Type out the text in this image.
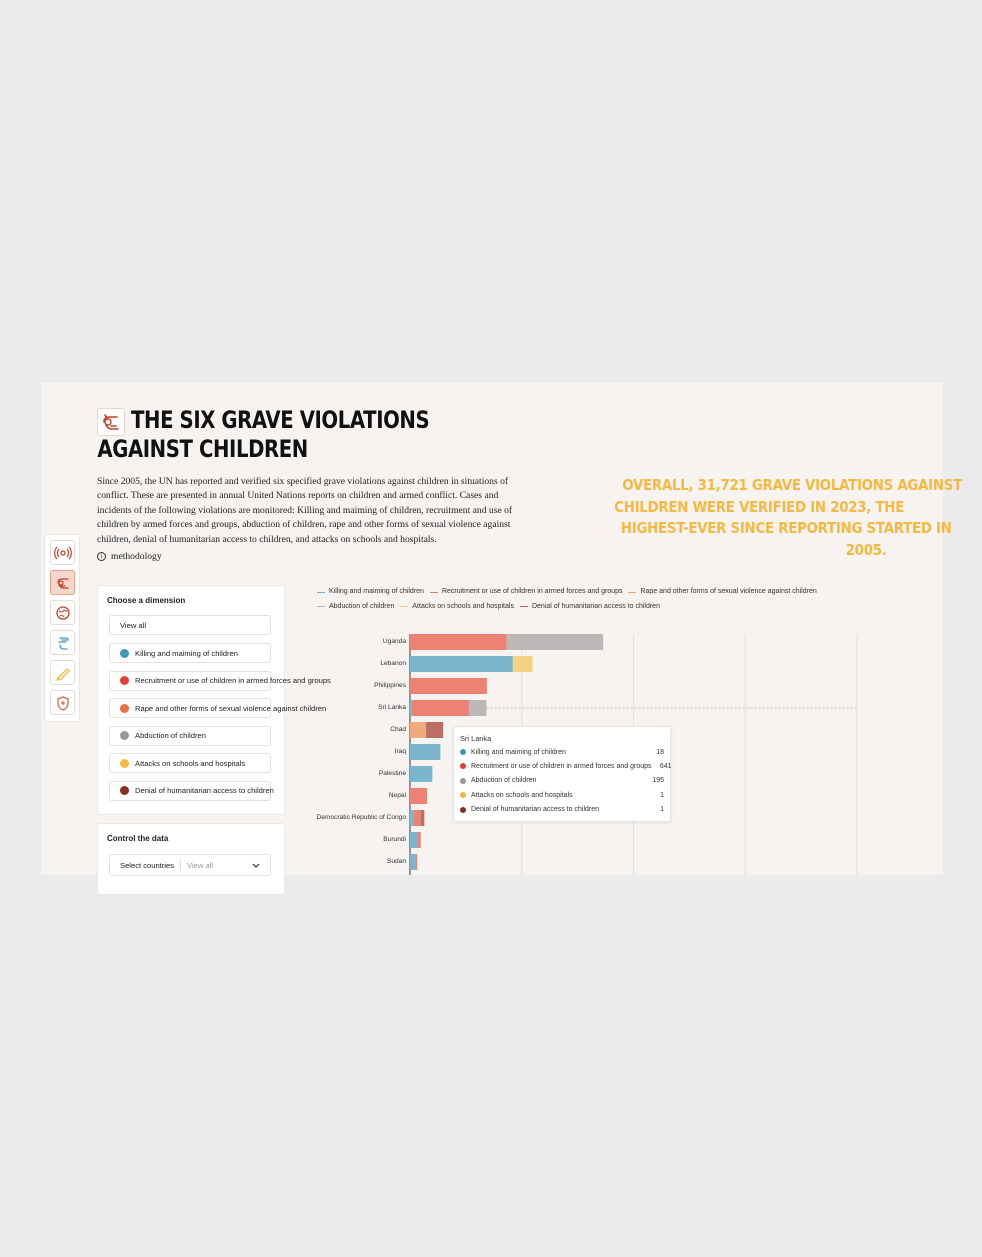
THE SIX GRAVE VIOLATIONS
AGAINST CHILDREN
Since 2005, the UN has reported and verified six specified grave violations against children in situations of conflict. These are presented in annual United Nations reports on children and armed conflict. Cases and incidents of the following violations are monitored: Killing and maiming of children, recruitment and use of children by armed forces and groups, abduction of children, rape and other forms of sexual violence against children, denial of humanitarian access to children, and attacks on schools and hospitals.
i methodology
OVERALL, 31,721 GRAVE VIOLATIONS AGAINST
CHILDREN WERE VERIFIED IN 2023, THE
HIGHEST-EVER SINCE REPORTING STARTED IN
2005.
Choose a dimension
View all
Killing and maiming of children
Recruitment or use of children in armed forces and groups
Rape and other forms of sexual violence against children
Abduction of children
Attacks on schools and hospitals
Denial of humanitarian access to children
Control the data
Select countries View all
Killing and maiming of children	Recruitment or use of children in armed forces and groups	Rape and other forms of sexual violence against children
Abduction of children	Attacks on schools and hospitals	Denial of humanitarian access to children
Uganda
Lebanon
Philippines
Sri Lanka
Chad
Iraq
Palestine
Nepal
Democratic Republic of Congo
Burundi
Sudan
Sri Lanka
Killing and maiming of children	18
Recruitment or use of children in armed forces and groups	641
Abduction of children	195
Attacks on schools and hospitals	1
Denial of humanitarian access to children	1
